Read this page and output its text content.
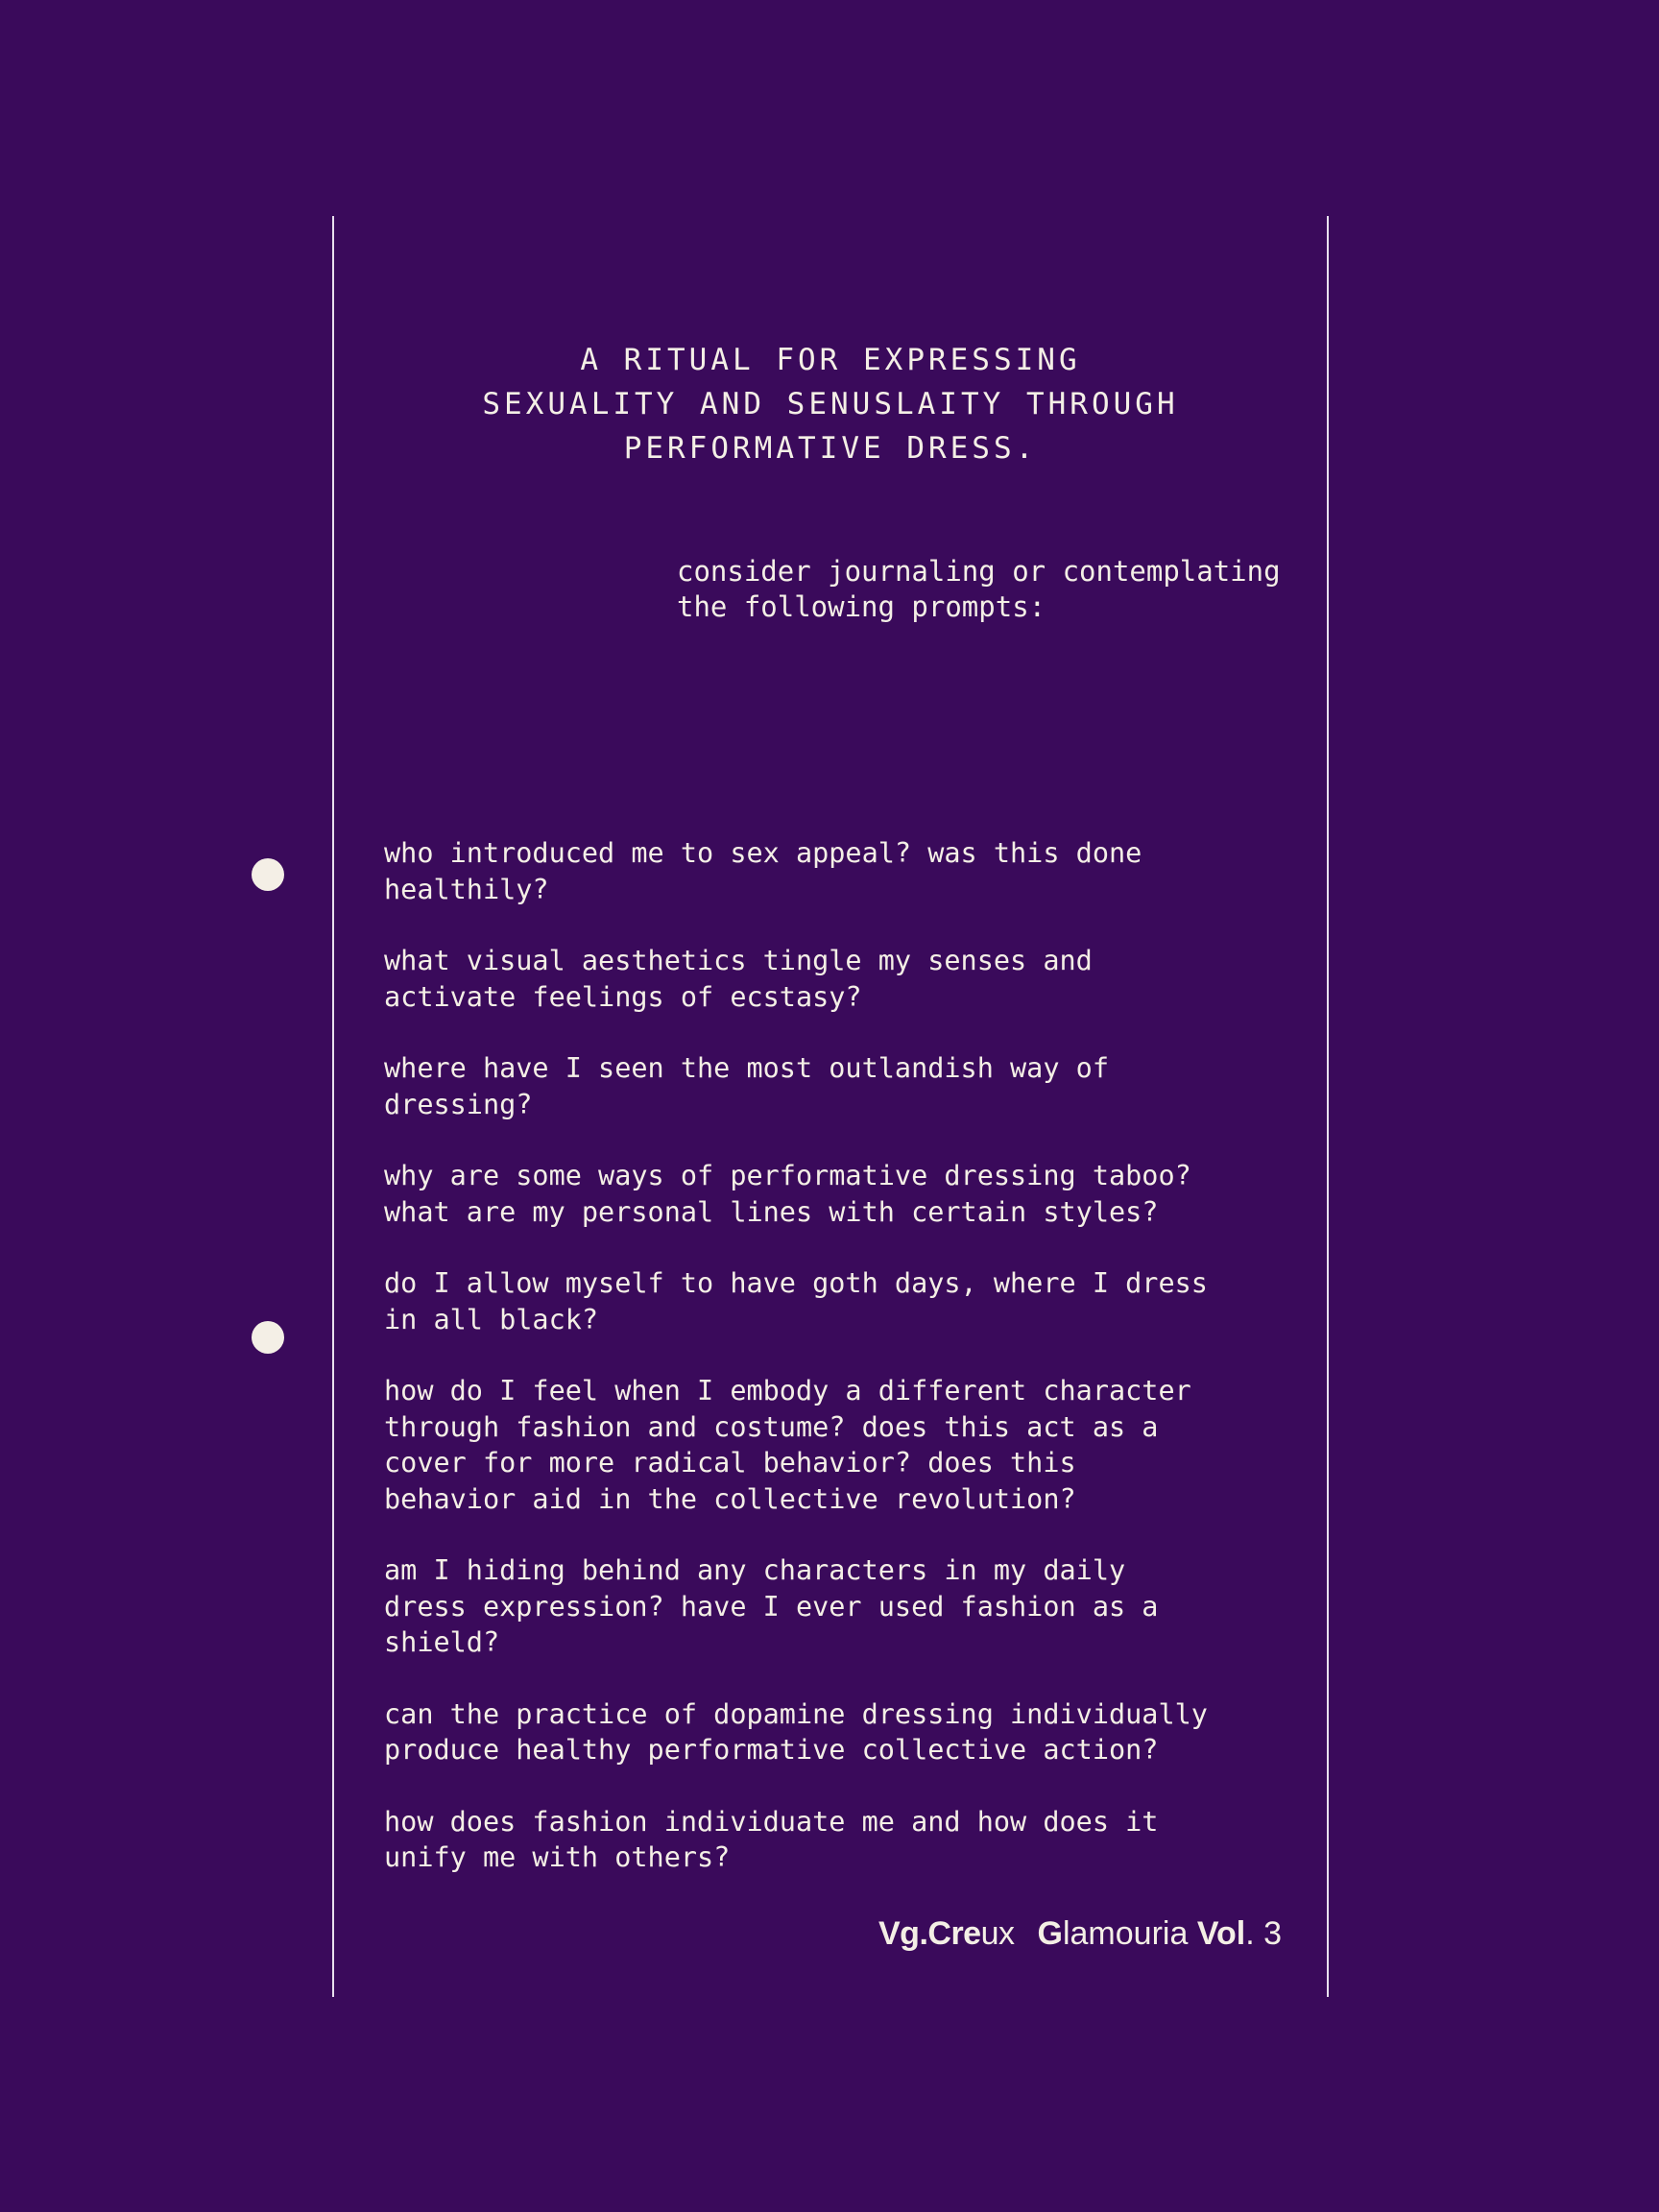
A RITUAL FOR EXPRESSING
SEXUALITY AND SENUSLAITY THROUGH
PERFORMATIVE DRESS.
consider journaling or contemplating
the following prompts:
who introduced me to sex appeal? was this done
healthily?
what visual aesthetics tingle my senses and
activate feelings of ecstasy?
where have I seen the most outlandish way of
dressing?
why are some ways of performative dressing taboo?
what are my personal lines with certain styles?
do I allow myself to have goth days, where I dress
in all black?
how do I feel when I embody a different character
through fashion and costume? does this act as a
cover for more radical behavior? does this
behavior aid in the collective revolution?
am I hiding behind any characters in my daily
dress expression? have I ever used fashion as a
shield?
can the practice of dopamine dressing individually
produce healthy performative collective action?
how does fashion individuate me and how does it
unify me with others?
Vg.Creux Glamouria Vol. 3
